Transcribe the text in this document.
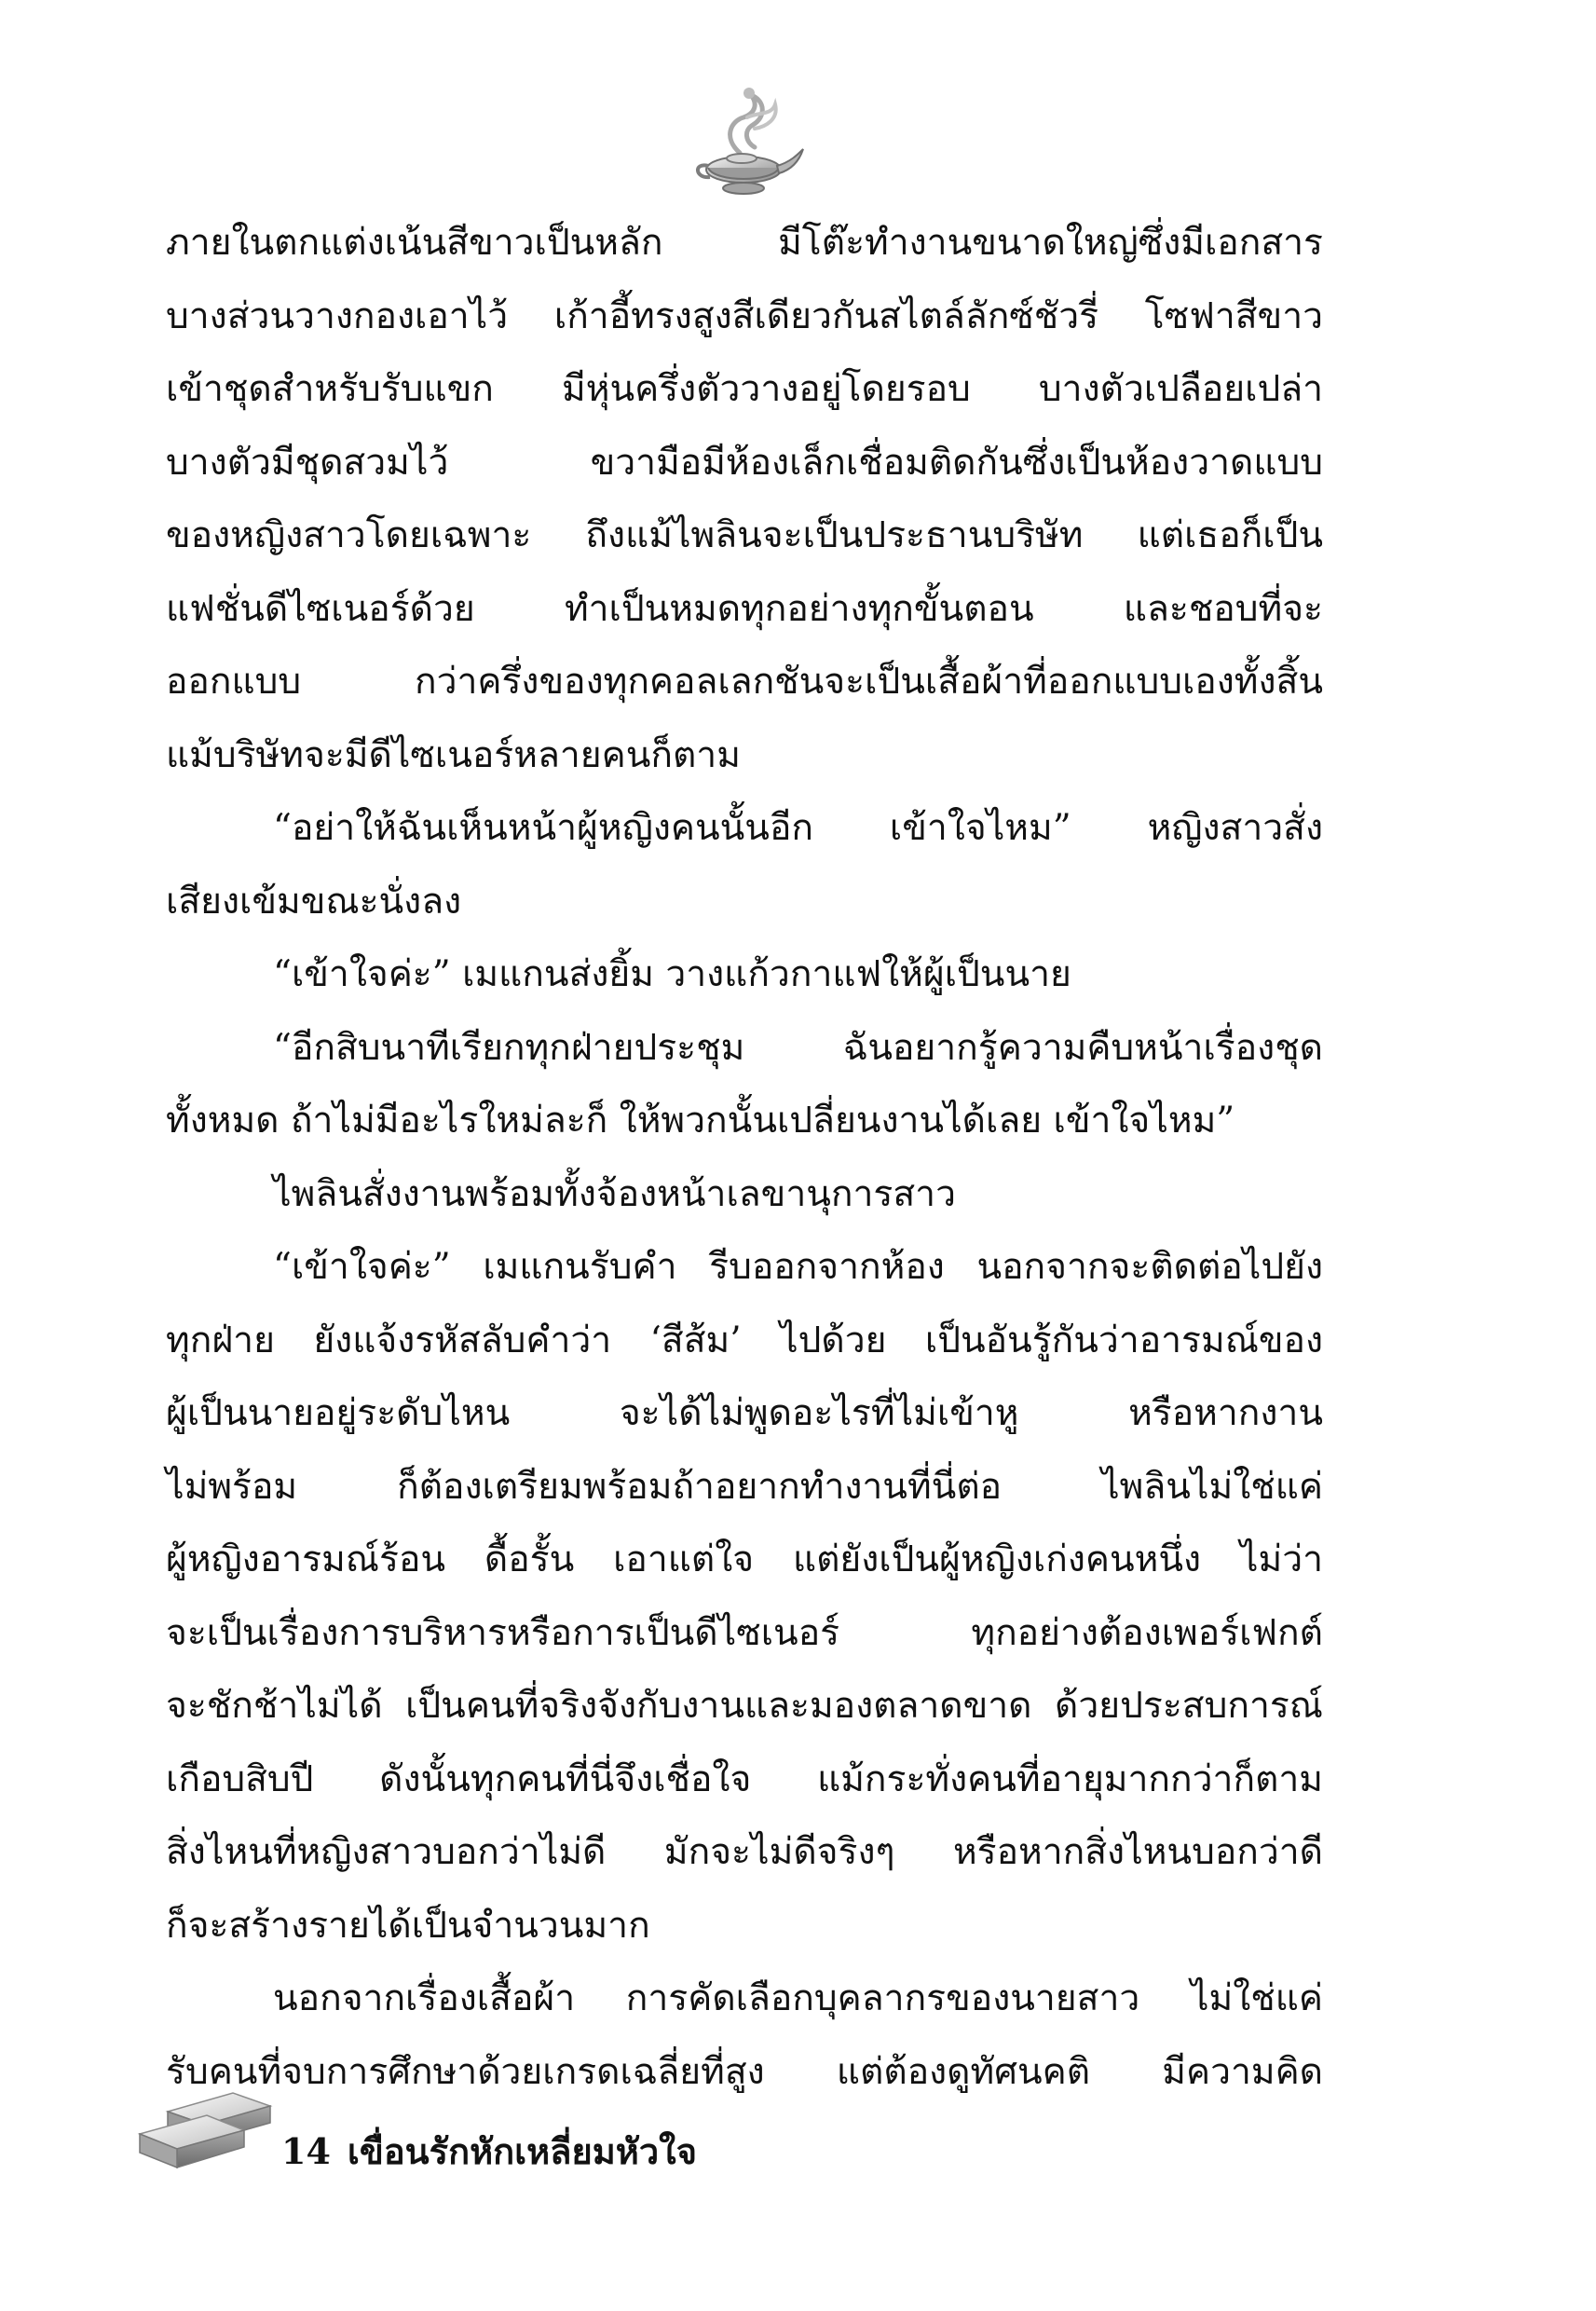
ภายในตกแต่งเน้นสีขาวเป็นหลัก มีโต๊ะทำงานขนาดใหญ่ซึ่งมีเอกสาร
บางส่วนวางกองเอาไว้ เก้าอี้ทรงสูงสีเดียวกันสไตล์ลักซ์ชัวรี่ โซฟาสีขาว
เข้าชุดสำหรับรับแขก มีหุ่นครึ่งตัววางอยู่โดยรอบ บางตัวเปลือยเปล่า
บางตัวมีชุดสวมไว้ ขวามือมีห้องเล็กเชื่อมติดกันซึ่งเป็นห้องวาดแบบ
ของหญิงสาวโดยเฉพาะ ถึงแม้ไพลินจะเป็นประธานบริษัท แต่เธอก็เป็น
แฟชั่นดีไซเนอร์ด้วย ทำเป็นหมดทุกอย่างทุกขั้นตอน และชอบที่จะ
ออกแบบ กว่าครึ่งของทุกคอลเลกชันจะเป็นเสื้อผ้าที่ออกแบบเองทั้งสิ้น
แม้บริษัทจะมีดีไซเนอร์หลายคนก็ตาม
“อย่าให้ฉันเห็นหน้าผู้หญิงคนนั้นอีก เข้าใจไหม” หญิงสาวสั่ง
เสียงเข้มขณะนั่งลง
“เข้าใจค่ะ” เมแกนส่งยิ้ม วางแก้วกาแฟให้ผู้เป็นนาย
“อีกสิบนาทีเรียกทุกฝ่ายประชุม ฉันอยากรู้ความคืบหน้าเรื่องชุด
ทั้งหมด ถ้าไม่มีอะไรใหม่ละก็ ให้พวกนั้นเปลี่ยนงานได้เลย เข้าใจไหม”
ไพลินสั่งงานพร้อมทั้งจ้องหน้าเลขานุการสาว
“เข้าใจค่ะ” เมแกนรับคำ รีบออกจากห้อง นอกจากจะติดต่อไปยัง
ทุกฝ่าย ยังแจ้งรหัสลับคำว่า ‘สีส้ม’ ไปด้วย เป็นอันรู้กันว่าอารมณ์ของ
ผู้เป็นนายอยู่ระดับไหน จะได้ไม่พูดอะไรที่ไม่เข้าหู หรือหากงาน
ไม่พร้อม ก็ต้องเตรียมพร้อมถ้าอยากทำงานที่นี่ต่อ ไพลินไม่ใช่แค่
ผู้หญิงอารมณ์ร้อน ดื้อรั้น เอาแต่ใจ แต่ยังเป็นผู้หญิงเก่งคนหนึ่ง ไม่ว่า
จะเป็นเรื่องการบริหารหรือการเป็นดีไซเนอร์ ทุกอย่างต้องเพอร์เฟกต์
จะชักช้าไม่ได้ เป็นคนที่จริงจังกับงานและมองตลาดขาด ด้วยประสบการณ์
เกือบสิบปี ดังนั้นทุกคนที่นี่จึงเชื่อใจ แม้กระทั่งคนที่อายุมากกว่าก็ตาม
สิ่งไหนที่หญิงสาวบอกว่าไม่ดี มักจะไม่ดีจริงๆ หรือหากสิ่งไหนบอกว่าดี
ก็จะสร้างรายได้เป็นจำนวนมาก
นอกจากเรื่องเสื้อผ้า การคัดเลือกบุคลากรของนายสาว ไม่ใช่แค่
รับคนที่จบการศึกษาด้วยเกรดเฉลี่ยที่สูง แต่ต้องดูทัศนคติ มีความคิด
14 เขื่อนรักหักเหลี่ยมหัวใจ
